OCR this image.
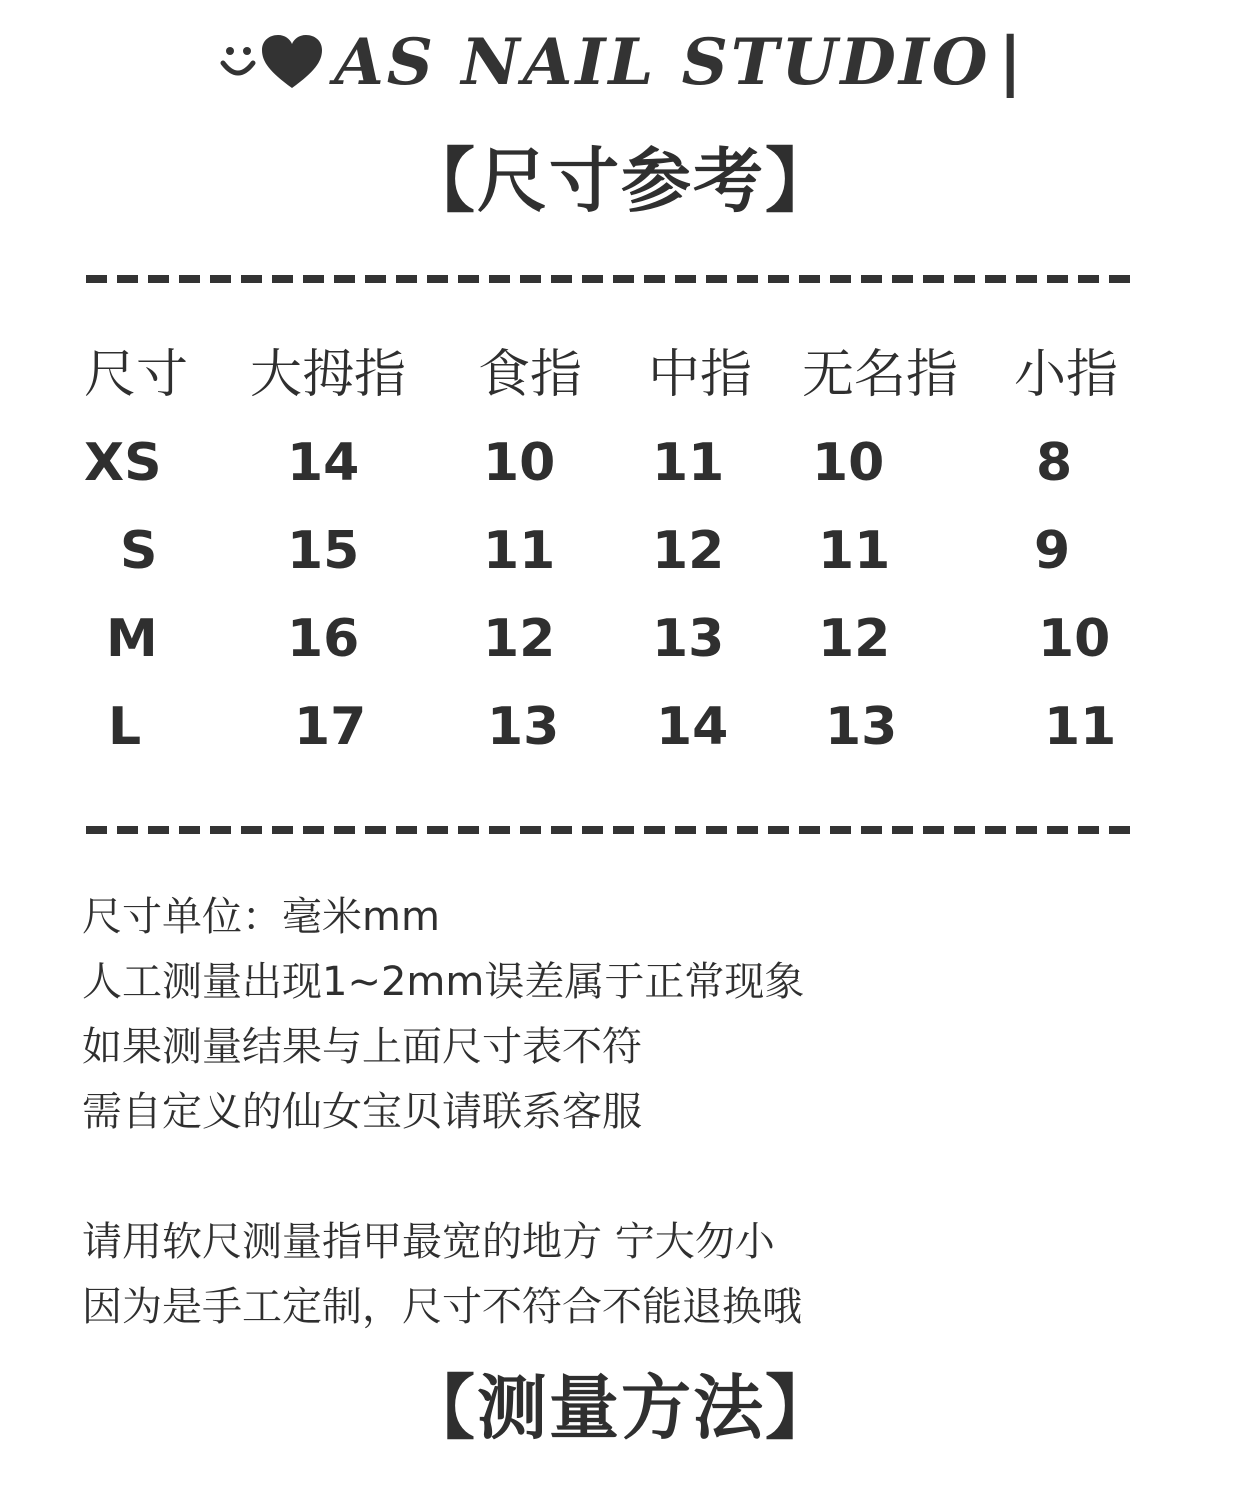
AS NAIL STUDIO |
【尺寸参考】
尺寸 大拇指 食指 中指 无名指 小指
XS 14 10 11 10	8
S 15 11 12 11	9
M 16 12 13 12	10
L	17 13 14 13	11
尺寸单位：毫米mm
人工测量出现1~2mm误差属于正常现象
如果测量结果与上面尺寸表不符
需自定义的仙女宝贝请联系客服
请用软尺测量指甲最宽的地方 宁大勿小
因为是手工定制，尺寸不符合不能退换哦
【测量方法】
